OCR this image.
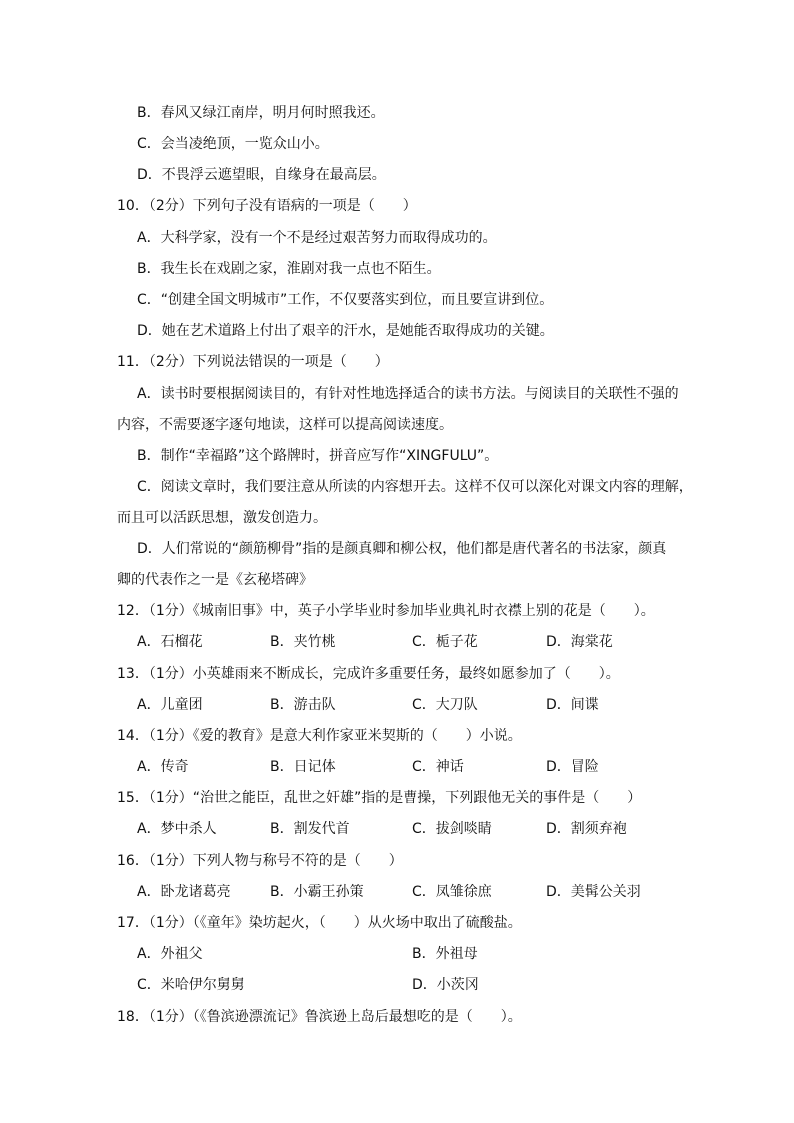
B．春风又绿江南岸，明月何时照我还。
C．会当凌绝顶，一览众山小。
D．不畏浮云遮望眼，自缘身在最高层。
10．（2分）下列句子没有语病的一项是（　　）
A．大科学家，没有一个不是经过艰苦努力而取得成功的。
B．我生长在戏剧之家，淮剧对我一点也不陌生。
C．“创建全国文明城市”工作，不仅要落实到位，而且要宣讲到位。
D．她在艺术道路上付出了艰辛的汗水，是她能否取得成功的关键。
11．（2分）下列说法错误的一项是（　　）
A．读书时要根据阅读目的，有针对性地选择适合的读书方法。与阅读目的关联性不强的
内容，不需要逐字逐句地读，这样可以提高阅读速度。
B．制作“幸福路”这个路牌时，拼音应写作“XINGFULU”。
C．阅读文章时，我们要注意从所读的内容想开去。这样不仅可以深化对课文内容的理解，
而且可以活跃思想，激发创造力。
D．人们常说的“颜筋柳骨”指的是颜真卿和柳公权，他们都是唐代著名的书法家，颜真
卿的代表作之一是《玄秘塔碑》
12．（1分）《城南旧事》中，英子小学毕业时参加毕业典礼时衣襟上别的花是（　　）。
A．石榴花	B．夹竹桃	C．栀子花	D．海棠花
13．（1分）小英雄雨来不断成长，完成许多重要任务，最终如愿参加了（　　）。
A．儿童团	B．游击队	C．大刀队	D．间谍
14．（1分）《爱的教育》是意大利作家亚米契斯的（　　）小说。
A．传奇	B．日记体	C．神话	D．冒险
15．（1分）“治世之能臣，乱世之奸雄”指的是曹操，下列跟他无关的事件是（　　）
A．梦中杀人	B．割发代首	C．拔剑啖睛	D．割须弃袍
16．（1分）下列人物与称号不符的是（　　）
A．卧龙诸葛亮	B．小霸王孙策	C．凤雏徐庶	D．美髯公关羽
17．（1分）（《童年》染坊起火，（　　）从火场中取出了硫酸盐。
A．外祖父	B．外祖母
C．米哈伊尔舅舅	D．小茨冈
18．（1分）（《鲁滨逊漂流记》鲁滨逊上岛后最想吃的是（　　）。
